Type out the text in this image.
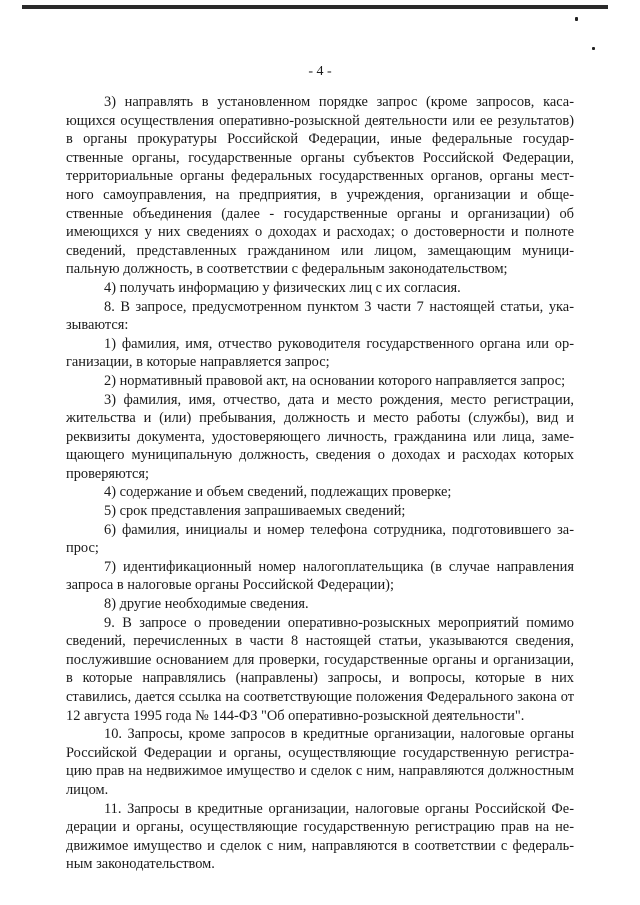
- 4 -

3) направлять в установленном порядке запрос (кроме запросов, касающихся осуществления оперативно-розыскной деятельности или ее результатов) в органы прокуратуры Российской Федерации, иные федеральные государственные органы, государственные органы субъектов Российской Федерации, территориальные органы федеральных государственных органов, органы местного самоуправления, на предприятия, в учреждения, организации и общественные объединения (далее - государственные органы и организации) об имеющихся у них сведениях о доходах и расходах; о достоверности и полноте сведений, представленных гражданином или лицом, замещающим муниципальную должность, в соответствии с федеральным законодательством;

4) получать информацию у физических лиц с их согласия.

8. В запросе, предусмотренном пунктом 3 части 7 настоящей статьи, указываются:

1) фамилия, имя, отчество руководителя государственного органа или организации, в которые направляется запрос;

2) нормативный правовой акт, на основании которого направляется запрос;

3) фамилия, имя, отчество, дата и место рождения, место регистрации, жительства и (или) пребывания, должность и место работы (службы), вид и реквизиты документа, удостоверяющего личность, гражданина или лица, замещающего муниципальную должность, сведения о доходах и расходах которых проверяются;

4) содержание и объем сведений, подлежащих проверке;

5) срок представления запрашиваемых сведений;

6) фамилия, инициалы и номер телефона сотрудника, подготовившего запрос;

7) идентификационный номер налогоплательщика (в случае направления запроса в налоговые органы Российской Федерации);

8) другие необходимые сведения.

9. В запросе о проведении оперативно-розыскных мероприятий помимо сведений, перечисленных в части 8 настоящей статьи, указываются сведения, послужившие основанием для проверки, государственные органы и организации, в которые направлялись (направлены) запросы, и вопросы, которые в них ставились, дается ссылка на соответствующие положения Федерального закона от 12 августа 1995 года № 144-ФЗ "Об оперативно-розыскной деятельности".

10. Запросы, кроме запросов в кредитные организации, налоговые органы Российской Федерации и органы, осуществляющие государственную регистрацию прав на недвижимое имущество и сделок с ним, направляются должностным лицом.

11. Запросы в кредитные организации, налоговые органы Российской Федерации и органы, осуществляющие государственную регистрацию прав на недвижимое имущество и сделок с ним, направляются в соответствии с федеральным законодательством.
